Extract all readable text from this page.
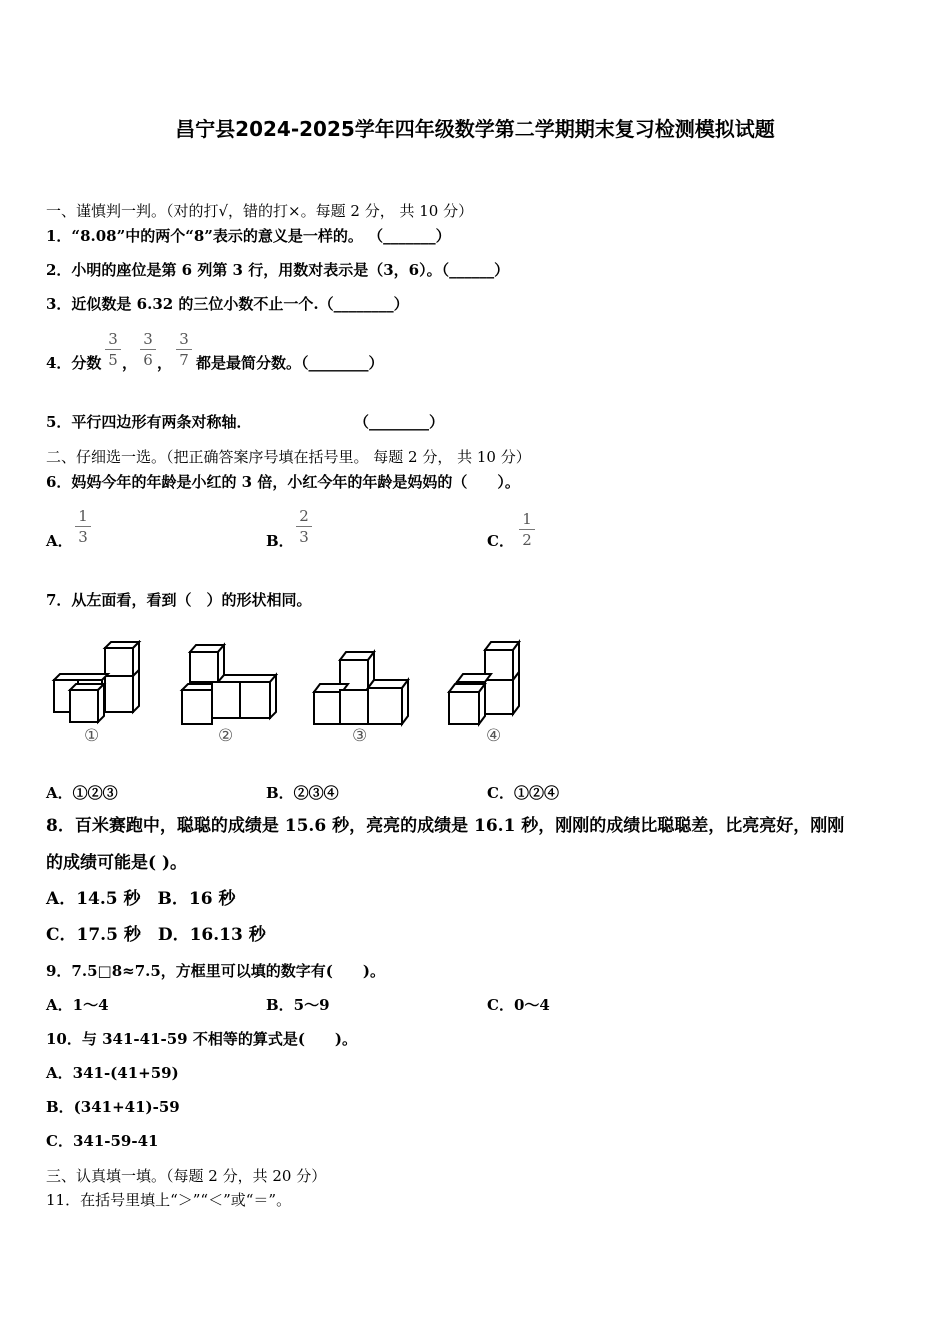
昌宁县2024-2025学年四年级数学第二学期期末复习检测模拟试题
一、谨慎判一判。（对的打√，错的打×。每题 2 分， 共 10 分）
1．“8.08”中的两个“8”表示的意义是一样的。 （_______）
2．小明的座位是第 6 列第 3 行，用数对表示是（3，6）。（______）
3．近似数是 6.32 的三位小数不止一个.（________）
4．分数
3
5 ，
3
6 ，
3
7 都是最简分数。（________）
5．平行四边形有两条对称轴．	（________）
二、仔细选一选。（把正确答案序号填在括号里。 每题 2 分， 共 10 分）
6．妈妈今年的年龄是小红的 3 倍，小红今年的年龄是妈妈的（　　）。
A．
1
3	B．
2
3	C．
1
2
7．从左面看，看到（　）的形状相同。
①	②	③	④
A．①②③	B．②③④	C．①②④
8．百米赛跑中，聪聪的成绩是 15.6 秒，亮亮的成绩是 16.1 秒，刚刚的成绩比聪聪差，比亮亮好，刚刚
的成绩可能是( )。
A．14.5 秒　B．16 秒
C．17.5 秒　D．16.13 秒
9．7.5□8≈7.5，方框里可以填的数字有(　　)。
A．1～4	B．5～9	C．0～4
10．与 341-41-59 不相等的算式是(　　)。
A．341-(41+59)
B．(341+41)-59
C．341-59-41
三、认真填一填。（每题 2 分，共 20 分）
11．在括号里填上“＞”“＜”或“＝”。
